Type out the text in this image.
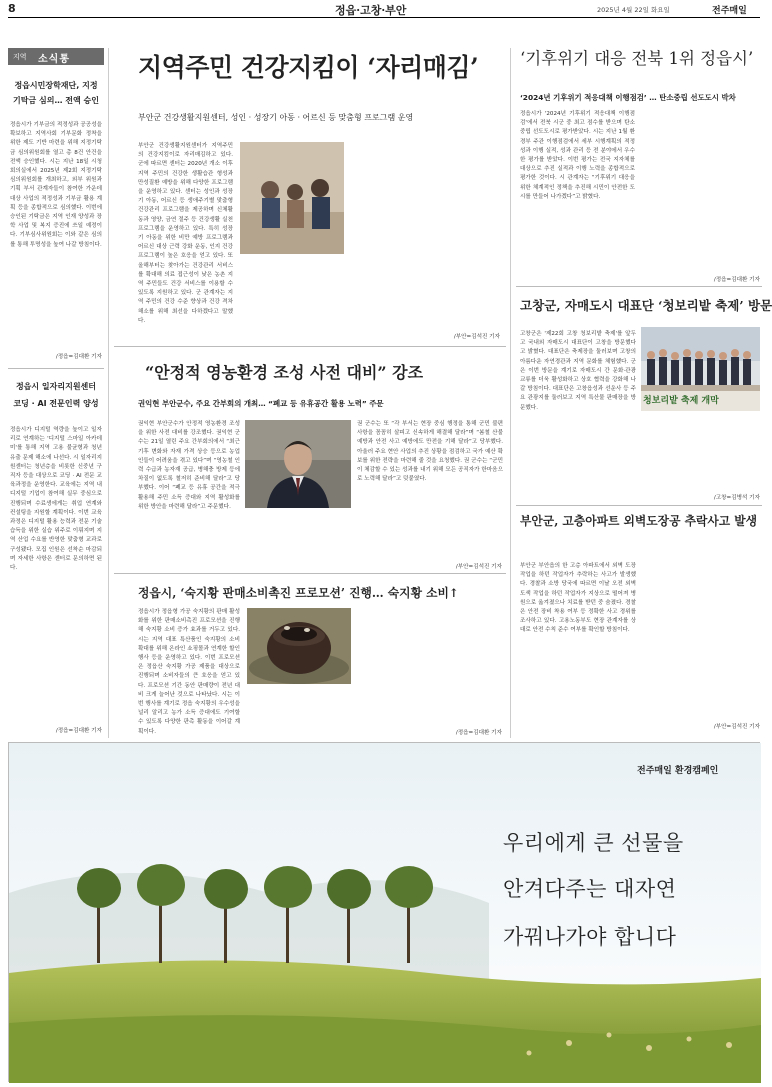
8	정읍·고창·부안	2025년 4월 22일 화요일	전주매일
지역 소식통
정읍시민장학재단, 지정
기탁금 심의… 전액 승인
정읍시가 기부금의 적정성과 공공성을 확보하고 지역사회 기부문화 정착을 위한 제도 기반 마련을 위해 지정기탁금 심의위원회를 열고 총 8건 안건을 전액 승인했다. 시는 지난 18일 시청 회의실에서 2025년 제2회 지정기탁심의위원회를 개최하고, 외부 위원과 기획 부서 관계자들이 참여한 가운데 대상 사업의 적정성과 기부금 활용 계획 등을 종합적으로 심의했다. 이번에 승인된 기탁금은 지역 인재 양성과 장학 사업 및 복지 증진에 쓰일 예정이다. 기부심사위원회는 이와 같은 심의를 통해 투명성을 높여 나갈 방침이다.
/정읍=김대환 기자
정읍시 일자리지원센터
코딩 · AI 전문인력 양성
정읍시가 디지털 역량을 높이고 일자리로 연계하는 '디지털 스마일 아카데미'를 통해 지역 고용 불균형과 청년 유출 문제 해소에 나선다. 시 일자리지원센터는 청년층을 비롯한 신중년 구직자 등을 대상으로 코딩 · AI 전문 교육과정을 운영한다. 교육에는 지역 내 디지털 기업이 참여해 실무 중심으로 진행되며 수료생에게는 취업 연계와 컨설팅을 지원할 계획이다. 이번 교육과정은 디지털 활용 능력과 전문 기술 습득을 위한 실습 위주로 이뤄지며 지역 산업 수요를 반영한 맞춤형 교과로 구성됐다. 모집 인원은 선착순 마감되며 자세한 사항은 센터로 문의하면 된다.
/정읍=김대환 기자
지역주민 건강지킴이 ‘자리매김’
부안군 건강생활지원센터, 성인 · 성장기 아동 · 어르신 등 맞춤형 프로그램 운영
부안군 건강생활지원센터가 지역주민의 건강지킴이로 자리매김하고 있다. 군에 따르면 센터는 2020년 개소 이후 지역 주민의 건강한 생활습관 형성과 만성질환 예방을 위해 다양한 프로그램을 운영하고 있다. 센터는 성인과 성장기 아동, 어르신 등 생애주기별 맞춤형 건강관리 프로그램을 제공하며 신체활동과 영양, 금연 절주 등 건강생활 실천 프로그램을 운영하고 있다. 특히 성장기 아동을 위한 비만 예방 프로그램과 어르신 대상 근력 강화 운동, 인지 건강 프로그램이 높은 호응을 얻고 있다. 또 올해부터는 찾아가는 건강관리 서비스를 확대해 의료 접근성이 낮은 농촌 지역 주민들도 건강 서비스를 이용할 수 있도록 지원하고 있다. 군 관계자는 지역 주민의 건강 수준 향상과 건강 격차 해소를 위해 최선을 다하겠다고 말했다.
/부안=김석진 기자
“안정적 영농환경 조성 사전 대비” 강조
권익현 부안군수, 주요 간부회의 개최… “폐교 등 유휴공간 활용 노력” 주문
권익현 부안군수가 안정적 영농환경 조성을 위한 사전 대비를 강조했다. 권익현 군수는 21일 열린 주요 간부회의에서 “최근 기후 변화와 자재 가격 상승 등으로 농업인들이 어려움을 겪고 있다”며 “영농철 인력 수급과 농자재 공급, 병해충 방제 등에 차질이 없도록 철저히 준비해 달라”고 당부했다. 이어 “폐교 등 유휴 공간을 적극 활용해 주민 소득 증대와 지역 활성화를 위한 방안을 마련해 달라”고 주문했다.
권 군수는 또 “각 부서는 현장 중심 행정을 통해 군민 불편 사항을 꼼꼼히 살피고 신속하게 해결해 달라”며 “봄철 산불 예방과 안전 사고 예방에도 만전을 기해 달라”고 당부했다. 아울러 주요 현안 사업의 추진 상황을 점검하고 국가 예산 확보를 위한 전략을 마련해 줄 것을 요청했다. 권 군수는 “군민이 체감할 수 있는 성과를 내기 위해 모든 공직자가 한마음으로 노력해 달라”고 덧붙였다.
/부안=김석진 기자
정읍시, ‘숙지황 판매소비촉진 프로모션’ 진행… 숙지황 소비↑
정읍시가 정읍형 가공 숙지황의 판매 활성화를 위한 판매소비촉진 프로모션을 진행해 숙지황 소비 증가 효과를 거두고 있다. 시는 지역 대표 특산품인 숙지황의 소비 확대를 위해 온라인 쇼핑몰과 연계한 할인 행사 등을 운영하고 있다. 이번 프로모션은 정읍산 숙지황 가공 제품을 대상으로 진행되며 소비자들의 큰 호응을 얻고 있다. 프로모션 기간 동안 판매량이 전년 대비 크게 늘어난 것으로 나타났다. 시는 이번 행사를 계기로 정읍 숙지황의 우수성을 널리 알리고 농가 소득 증대에도 기여할 수 있도록 다양한 판촉 활동을 이어갈 계획이다.	/정읍=김대환 기자
‘기후위기 대응 전북 1위 정읍시’
‘2024년 기후위기 적응대책 이행점검’ … 탄소중립 선도도시 박차
정읍시가 '2024년 기후위기 적응대책 이행점검'에서 전북 시군 중 최고 점수를 받으며 탄소중립 선도도시로 평가받았다. 시는 지난 1월 환경부 주관 이행점검에서 세부 시행계획의 적정성과 이행 실적, 성과 관리 등 전 분야에서 우수한 평가를 받았다. 이번 평가는 전국 지자체를 대상으로 추진 실적과 이행 노력을 종합적으로 평가한 것이다. 시 관계자는 “기후위기 대응을 위한 체계적인 정책을 추진해 시민이 안전한 도시를 만들어 나가겠다”고 밝혔다.
/정읍=김대환 기자
고창군, 자매도시 대표단 ‘청보리밭 축제’ 방문
고창군은 '제22회 고창 청보리밭 축제'를 앞두고 국내외 자매도시 대표단이 고창을 방문했다고 밝혔다. 대표단은 축제장을 둘러보며 고창의 아름다운 자연경관과 지역 문화를 체험했다. 군은 이번 방문을 계기로 자매도시 간 문화·관광 교류를 더욱 활성화하고 상호 협력을 강화해 나갈 방침이다. 대표단은 고창읍성과 선운사 등 주요 관광지를 둘러보고 지역 특산물 판매장을 방문했다.
청보리밭 축제 개막
/고창=김병석 기자
부안군, 고층아파트 외벽도장공 추락사고 발생
부안군 부안읍의 한 고층 아파트에서 외벽 도장 작업을 하던 작업자가 추락하는 사고가 발생했다. 경찰과 소방 당국에 따르면 이날 오전 외벽 도색 작업을 하던 작업자가 지상으로 떨어져 병원으로 옮겨졌으나 치료를 받던 중 숨졌다. 경찰은 안전 장비 착용 여부 등 정확한 사고 경위를 조사하고 있다. 고용노동부도 현장 관계자를 상대로 안전 수칙 준수 여부를 확인할 방침이다.
/부안=김석진 기자
전주매일 환경캠페인
우리에게 큰 선물을
안겨다주는 대자연
가꿔나가야 합니다
